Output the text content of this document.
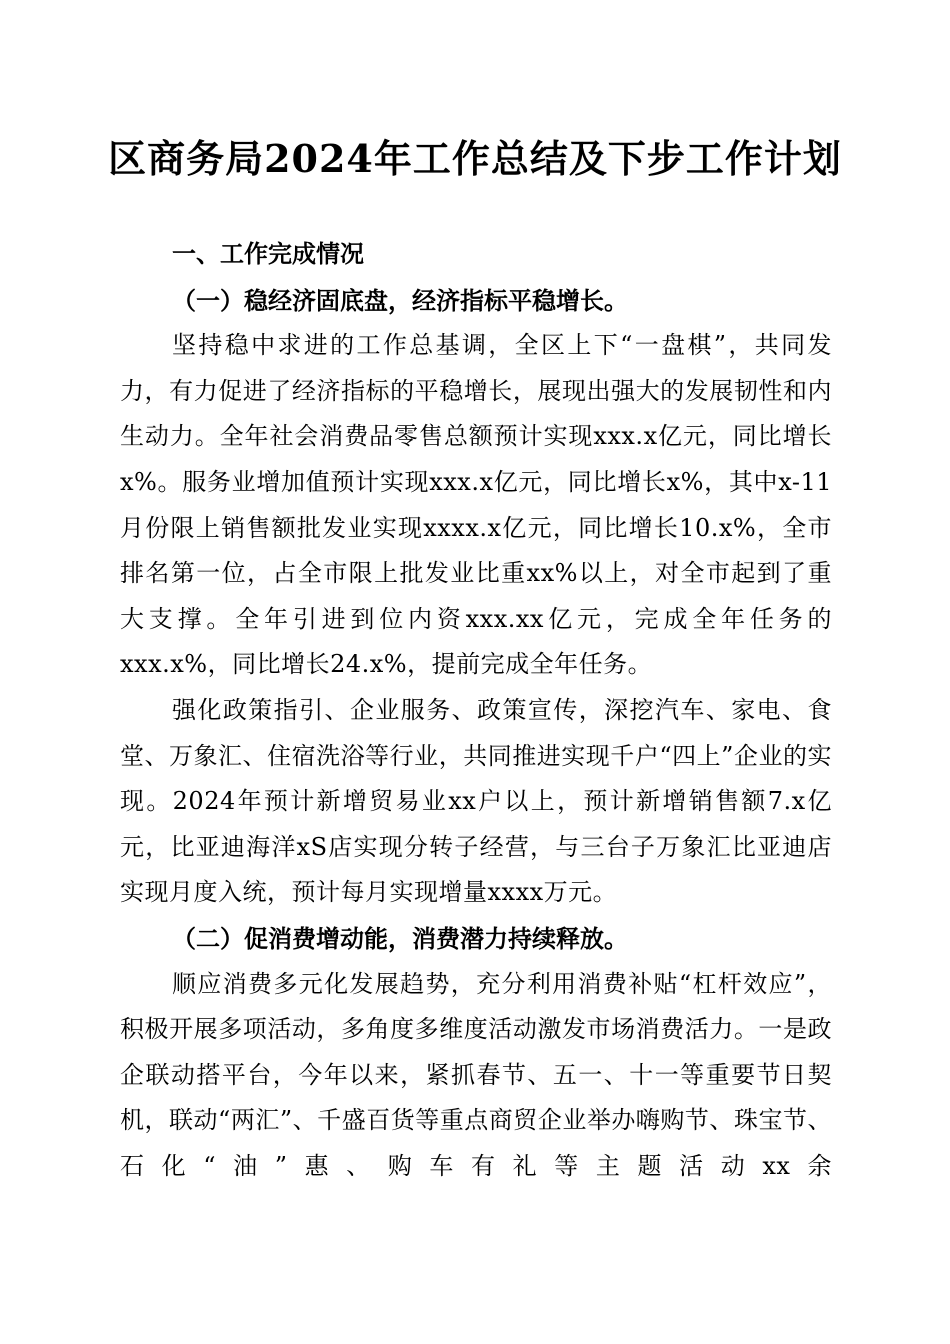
区商务局2024年工作总结及下步工作计划

一、工作完成情况

（一）稳经济固底盘，经济指标平稳增长。

坚持稳中求进的工作总基调，全区上下“一盘棋”，共同发力，有力促进了经济指标的平稳增长，展现出强大的发展韧性和内生动力。全年社会消费品零售总额预计实现xxx.x亿元，同比增长x%。服务业增加值预计实现xxx.x亿元，同比增长x%，其中x-11月份限上销售额批发业实现xxxx.x亿元，同比增长10.x%，全市排名第一位，占全市限上批发业比重xx%以上，对全市起到了重大支撑。全年引进到位内资xxx.xx亿元，完成全年任务的xxx.x%，同比增长24.x%，提前完成全年任务。

强化政策指引、企业服务、政策宣传，深挖汽车、家电、食堂、万象汇、住宿洗浴等行业，共同推进实现千户“四上”企业的实现。2024年预计新增贸易业xx户以上，预计新增销售额7.x亿元，比亚迪海洋xS店实现分转子经营，与三台子万象汇比亚迪店实现月度入统，预计每月实现增量xxxx万元。

（二）促消费增动能，消费潜力持续释放。

顺应消费多元化发展趋势，充分利用消费补贴“杠杆效应”，积极开展多项活动，多角度多维度活动激发市场消费活力。一是政企联动搭平台，今年以来，紧抓春节、五一、十一等重要节日契机，联动“两汇”、千盛百货等重点商贸企业举办嗨购节、珠宝节、石化“油”惠、购车有礼等主题活动xx余
